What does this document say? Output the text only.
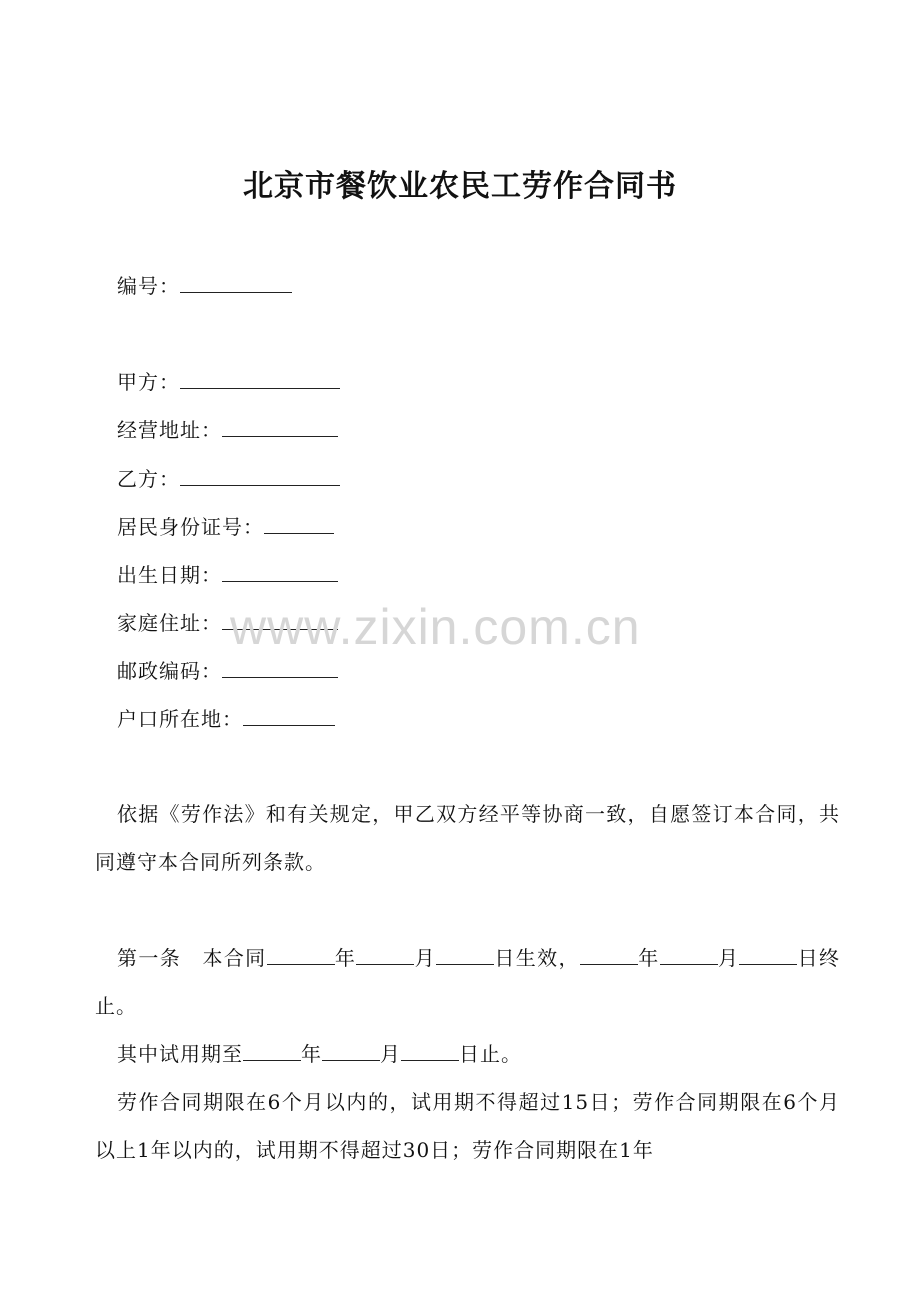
北京市餐饮业农民工劳作合同书
编号：
甲方：
经营地址：
乙方：
居民身份证号：
出生日期：
家庭住址：
邮政编码：
户口所在地：
依据《劳作法》和有关规定，甲乙双方经平等协商一致，自愿签订本合同，共同遵守本合同所列条款。
第一条　本合同	年	月	日生效，	年	月	日终止。
其中试用期至	年	月	日止。
劳作合同期限在6个月以内的，试用期不得超过15日；劳作合同期限在6个月以上1年以内的，试用期不得超过30日；劳作合同期限在1年
www.zixin.com.cn
